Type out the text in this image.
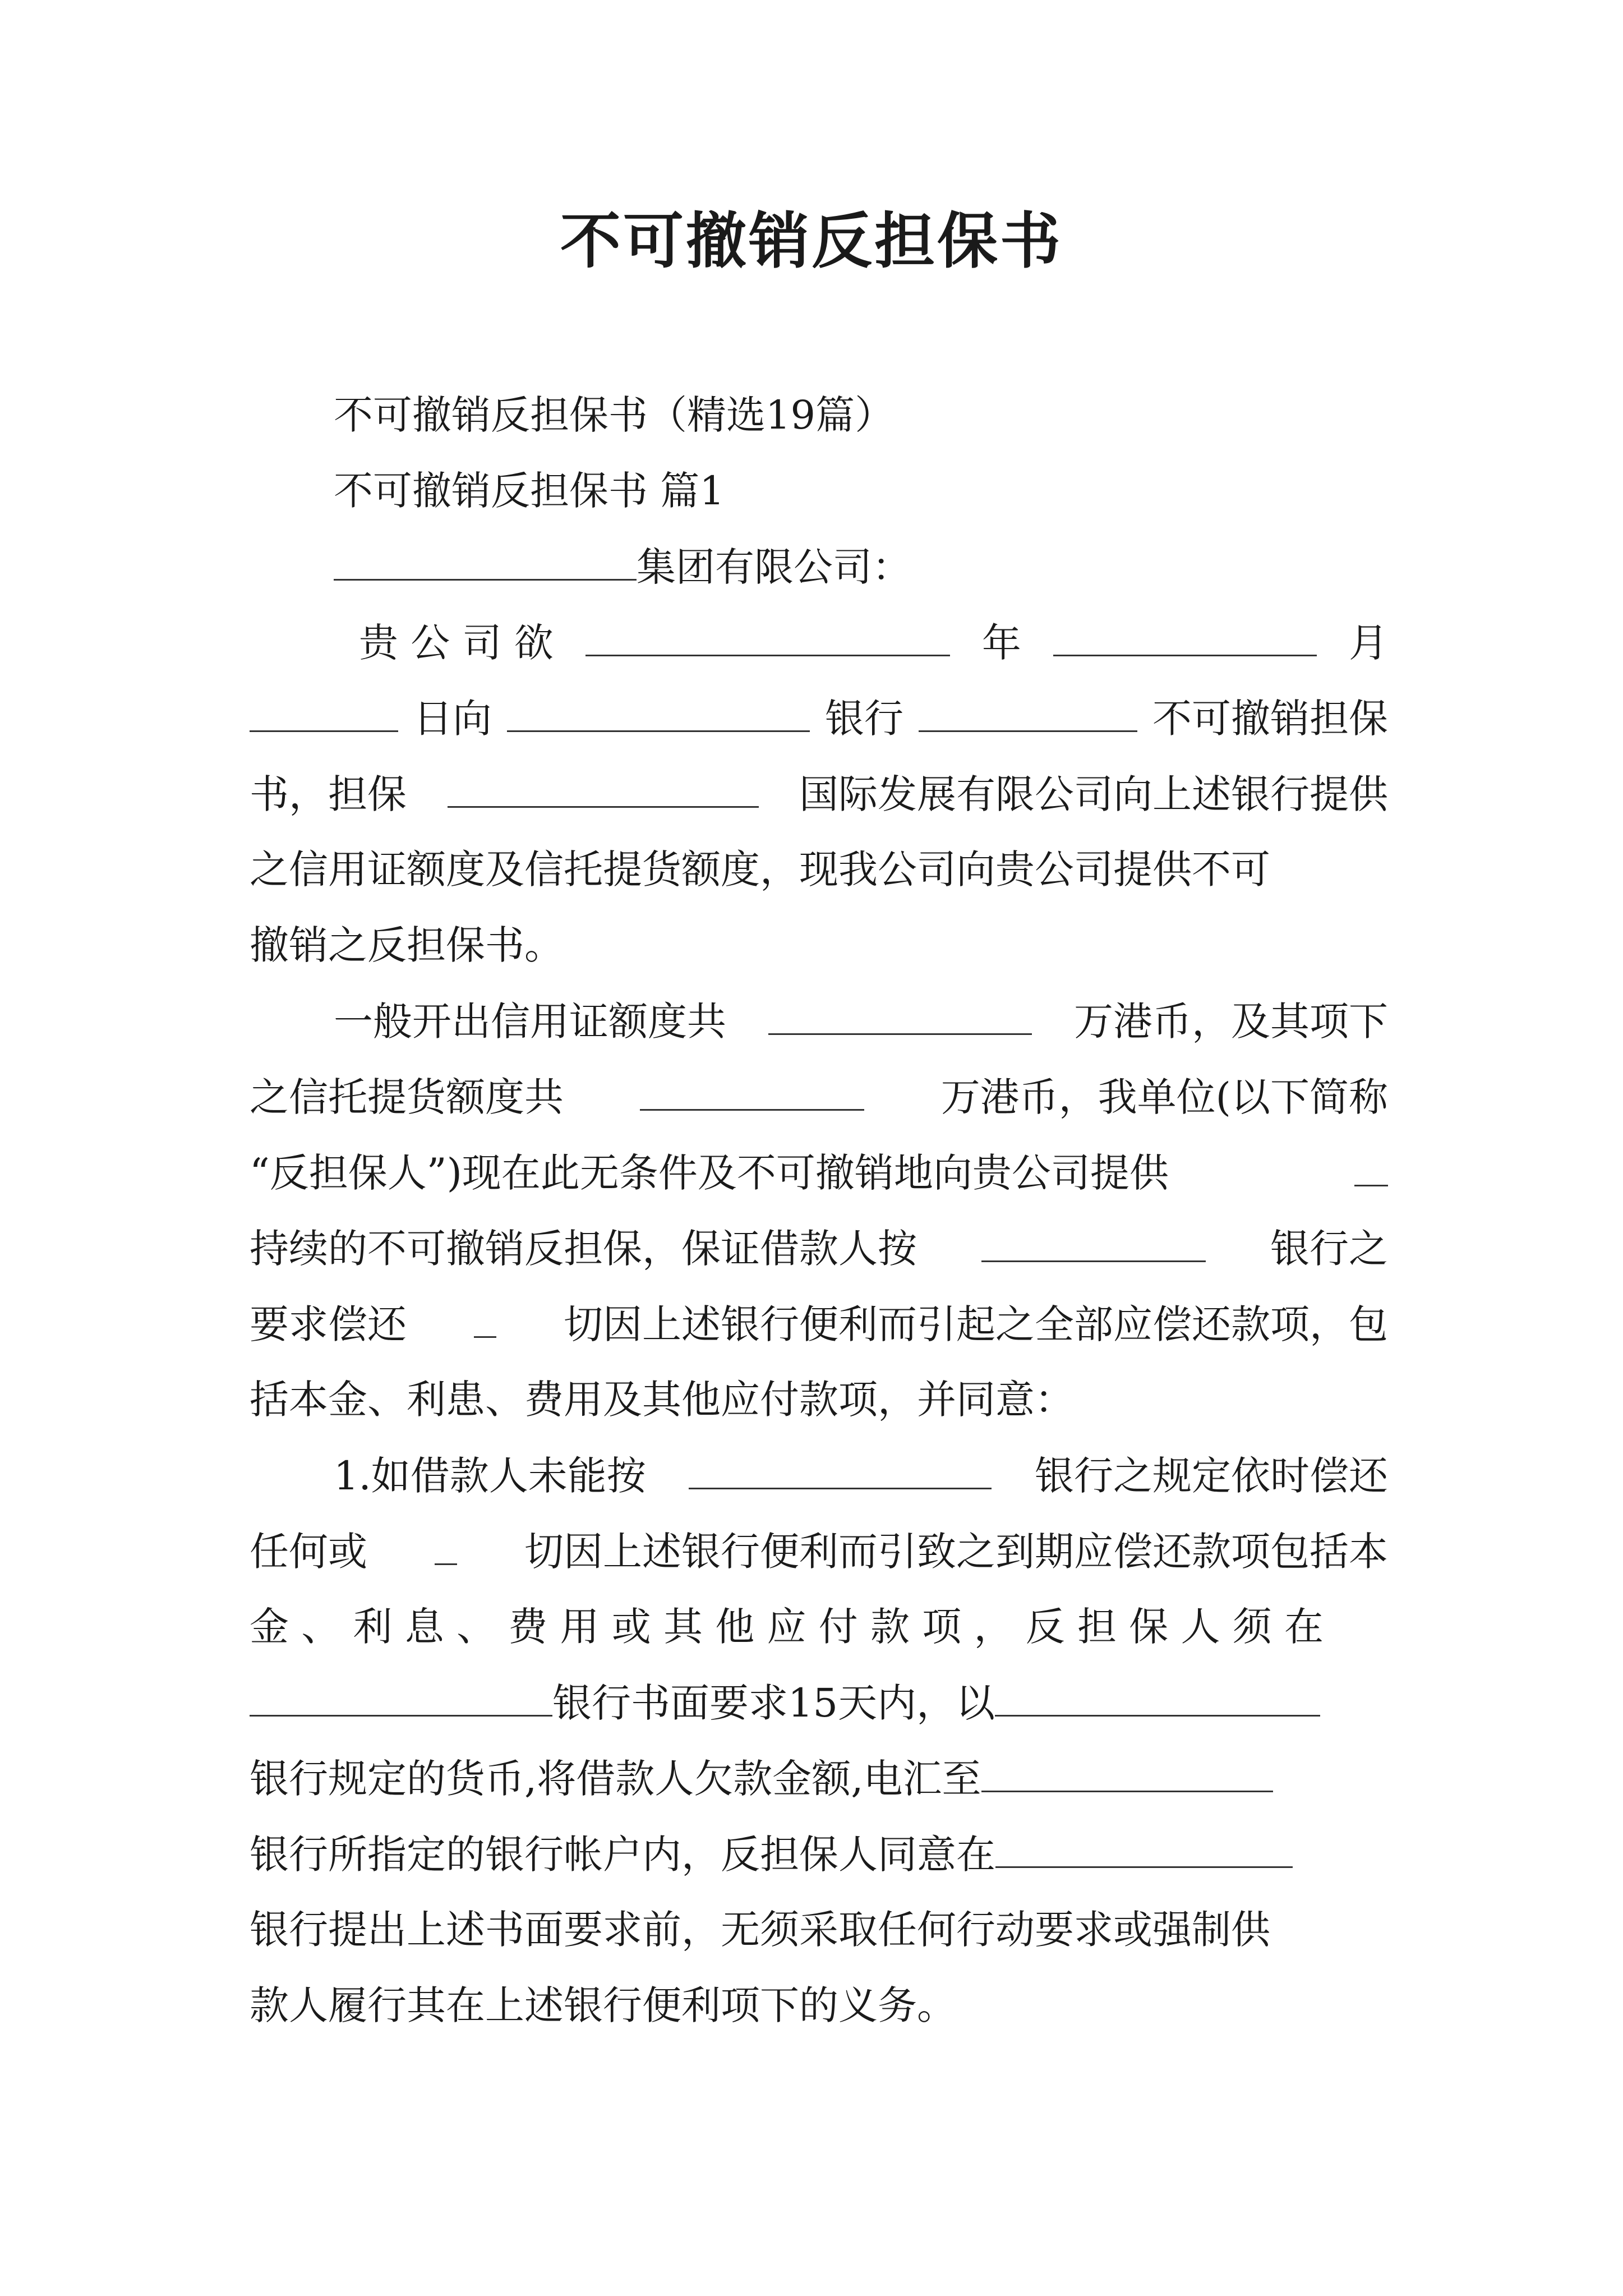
不可撤销反担保书
不可撤销反担保书（精选19篇）
不可撤销反担保书 篇1
集团有限公司：
贵 公 司 欲	年	月
日向	银行	不可撤销担保
书，担保	国际发展有限公司向上述银行提供
之信用证额度及信托提货额度，现我公司向贵公司提供不可
撤销之反担保书。
一般开出信用证额度共	万港币，及其项下
之信托提货额度共	万港币，我单位(以下简称
“反担保人”)现在此无条件及不可撤销地向贵公司提供
持续的不可撤销反担保，保证借款人按	银行之
要求偿还	切因上述银行便利而引起之全部应偿还款项，包
括本金、利患、费用及其他应付款项，并同意：
1.如借款人未能按	银行之规定依时偿还
任何或	切因上述银行便利而引致之到期应偿还款项包括本
金 、 利 息 、 费 用 或 其 他 应 付 款 项 ， 反 担 保 人 须 在
银行书面要求15天内，以
银行规定的货币,将借款人欠款金额,电汇至
银行所指定的银行帐户内，反担保人同意在
银行提出上述书面要求前，无须采取任何行动要求或强制供
款人履行其在上述银行便利项下的义务。
